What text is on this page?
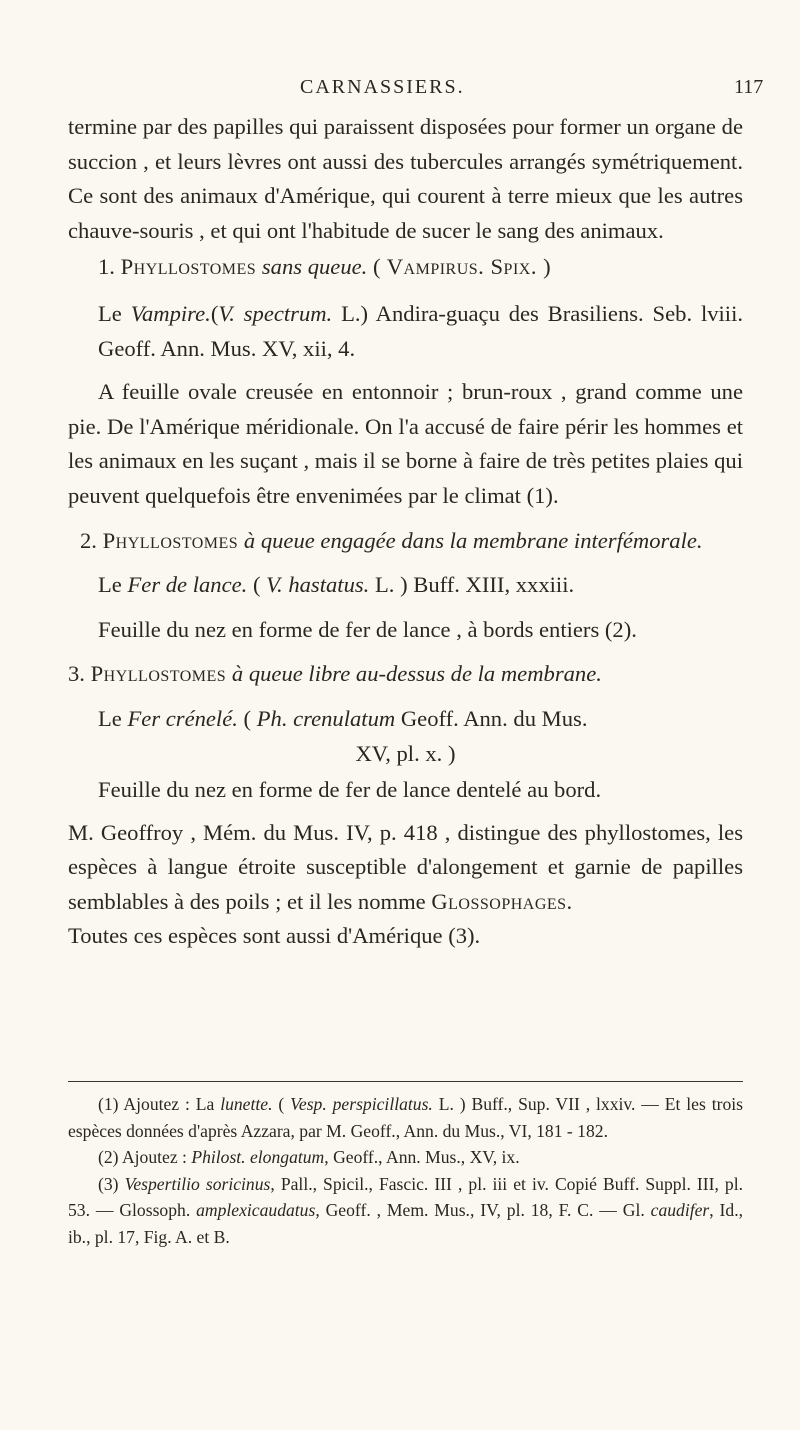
CARNASSIERS.	117

termine par des papilles qui paraissent disposées pour former un organe de succion , et leurs lèvres ont aussi des tubercules arrangés symétriquement. Ce sont des animaux d'Amérique, qui courent à terre mieux que les autres chauve-souris , et qui ont l'habitude de sucer le sang des animaux.

1. Phyllostomes sans queue. ( Vampirus. Spix. )

Le Vampire.(V. spectrum. L.) Andira-guaçu des Brasiliens. Seb. lviii. Geoff. Ann. Mus. XV, xii, 4.

A feuille ovale creusée en entonnoir ; brun-roux , grand comme une pie. De l'Amérique méridionale. On l'a accusé de faire périr les hommes et les animaux en les suçant , mais il se borne à faire de très petites plaies qui peuvent quelquefois être envenimées par le climat (1).

2. Phyllostomes à queue engagée dans la membrane interfémorale.

Le Fer de lance. ( V. hastatus. L. ) Buff. XIII, xxxiii.

Feuille du nez en forme de fer de lance , à bords entiers (2).

3. Phyllostomes à queue libre au-dessus de la membrane.

Le Fer crénelé. ( Ph. crenulatum Geoff. Ann. du Mus.

XV, pl. x. )

Feuille du nez en forme de fer de lance dentelé au bord.

M. Geoffroy , Mém. du Mus. IV, p. 418 , distingue des phyllostomes, les espèces à langue étroite susceptible d'alongement et garnie de papilles semblables à des poils ; et il les nomme Glossophages.

Toutes ces espèces sont aussi d'Amérique (3).

(1) Ajoutez : La lunette. ( Vesp. perspicillatus. L. ) Buff., Sup. VII , lxxiv. — Et les trois espèces données d'après Azzara, par M. Geoff., Ann. du Mus., VI, 181 - 182.

(2) Ajoutez : Philost. elongatum, Geoff., Ann. Mus., XV, ix.

(3) Vespertilio soricinus, Pall., Spicil., Fascic. III , pl. iii et iv. Copié Buff. Suppl. III, pl. 53. — Glossoph. amplexicaudatus, Geoff. , Mem. Mus., IV, pl. 18, F. C. — Gl. caudifer, Id., ib., pl. 17, Fig. A. et B.
